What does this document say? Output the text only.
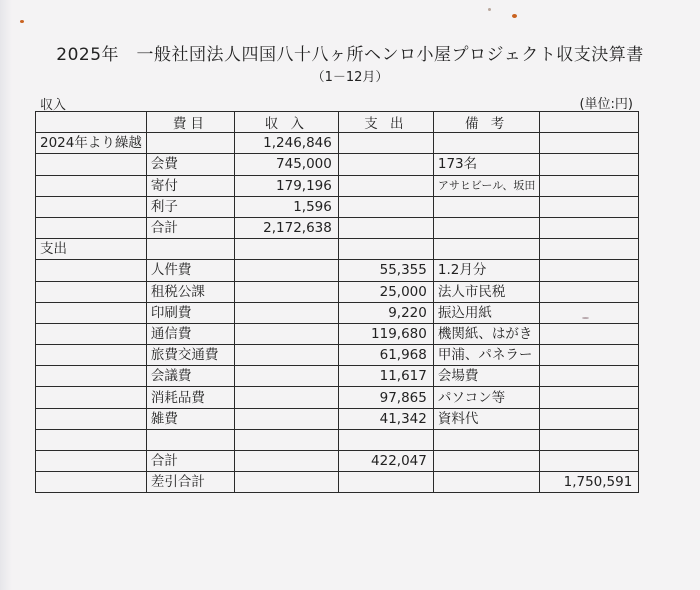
2025年　一般社団法人四国八十八ヶ所ヘンロ小屋プロジェクト収支決算書
（1－12月）
収入	(単位:円)
	費目	収 入	支 出	備 考	
2024年より繰越		1,246,846			
	会費	745,000		173名	
	寄付	179,196		アサヒビール、坂田	
	利子	1,596			
	合計	2,172,638			
支出					
	人件費		55,355	1.2月分	
	租税公課		25,000	法人市民税	
	印刷費		9,220	振込用紙	
	通信費		119,680	機関紙、はがき	
	旅費交通費		61,968	甲浦、パネラー	
	会議費		11,617	会場費	
	消耗品費		97,865	パソコン等	
	雑費		41,342	資料代	

	合計		422,047		
	差引合計				1,750,591
